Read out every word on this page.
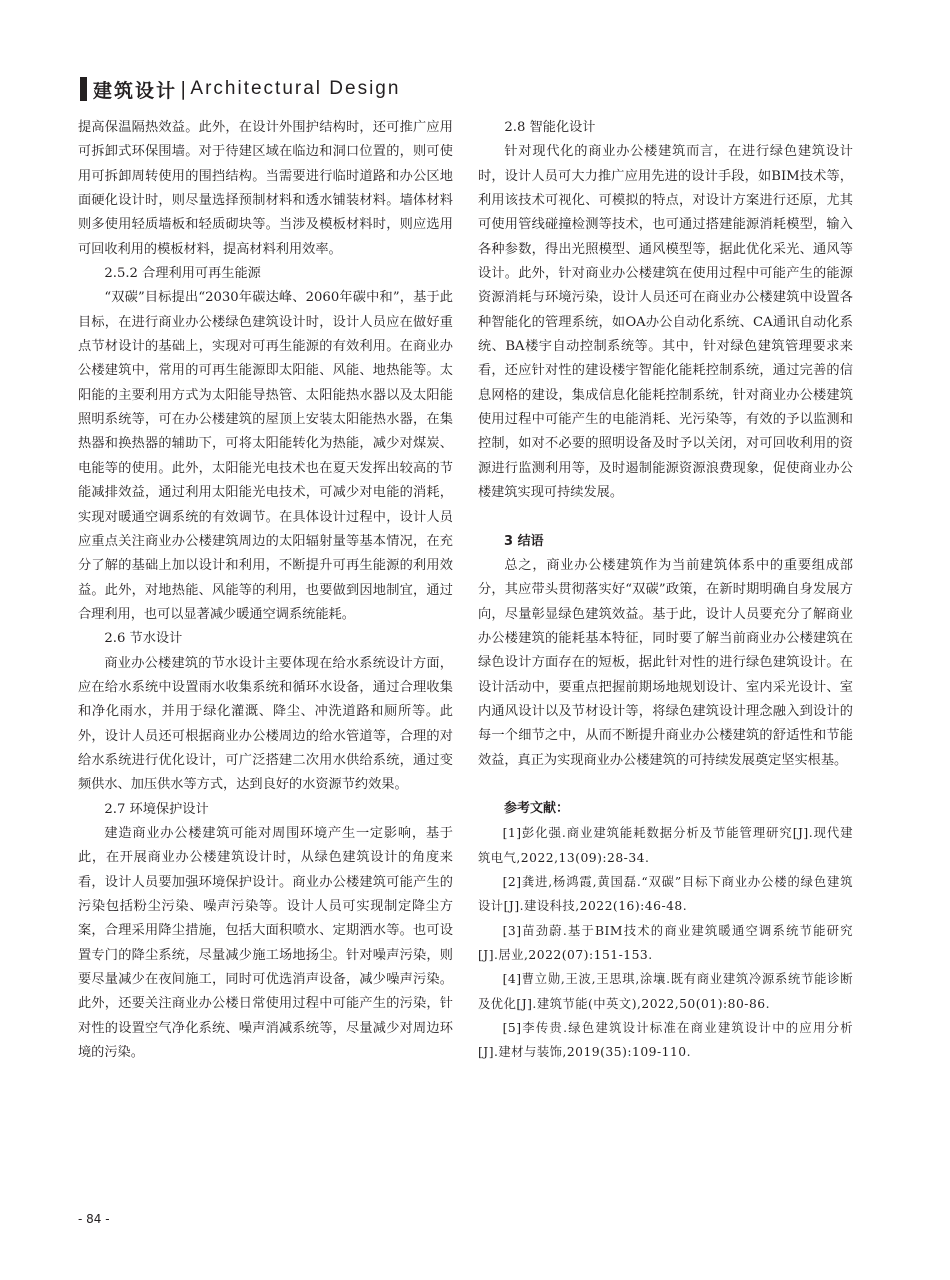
建筑设计 | Architectural Design

提高保温隔热效益。此外，在设计外围护结构时，还可推广应用可拆卸式环保围墙。对于待建区域在临边和洞口位置的，则可使用可拆卸周转使用的围挡结构。当需要进行临时道路和办公区地面硬化设计时，则尽量选择预制材料和透水铺装材料。墙体材料则多使用轻质墙板和轻质砌块等。当涉及模板材料时，则应选用可回收利用的模板材料，提高材料利用效率。

2.5.2 合理利用可再生能源

“双碳”目标提出“2030年碳达峰、2060年碳中和”，基于此目标，在进行商业办公楼绿色建筑设计时，设计人员应在做好重点节材设计的基础上，实现对可再生能源的有效利用。在商业办公楼建筑中，常用的可再生能源即太阳能、风能、地热能等。太阳能的主要利用方式为太阳能导热管、太阳能热水器以及太阳能照明系统等，可在办公楼建筑的屋顶上安装太阳能热水器，在集热器和换热器的辅助下，可将太阳能转化为热能，减少对煤炭、电能等的使用。此外，太阳能光电技术也在夏天发挥出较高的节能减排效益，通过利用太阳能光电技术，可减少对电能的消耗，实现对暖通空调系统的有效调节。在具体设计过程中，设计人员应重点关注商业办公楼建筑周边的太阳辐射量等基本情况，在充分了解的基础上加以设计和利用，不断提升可再生能源的利用效益。此外，对地热能、风能等的利用，也要做到因地制宜，通过合理利用，也可以显著减少暖通空调系统能耗。

2.6 节水设计

商业办公楼建筑的节水设计主要体现在给水系统设计方面，应在给水系统中设置雨水收集系统和循环水设备，通过合理收集和净化雨水，并用于绿化灌溉、降尘、冲洗道路和厕所等。此外，设计人员还可根据商业办公楼周边的给水管道等，合理的对给水系统进行优化设计，可广泛搭建二次用水供给系统，通过变频供水、加压供水等方式，达到良好的水资源节约效果。

2.7 环境保护设计

建造商业办公楼建筑可能对周围环境产生一定影响，基于此，在开展商业办公楼建筑设计时，从绿色建筑设计的角度来看，设计人员要加强环境保护设计。商业办公楼建筑可能产生的污染包括粉尘污染、噪声污染等。设计人员可实现制定降尘方案，合理采用降尘措施，包括大面积喷水、定期洒水等。也可设置专门的降尘系统，尽量减少施工场地扬尘。针对噪声污染，则要尽量减少在夜间施工，同时可优选消声设备，减少噪声污染。此外，还要关注商业办公楼日常使用过程中可能产生的污染，针对性的设置空气净化系统、噪声消减系统等，尽量减少对周边环境的污染。

2.8 智能化设计

针对现代化的商业办公楼建筑而言，在进行绿色建筑设计时，设计人员可大力推广应用先进的设计手段，如BIM技术等，利用该技术可视化、可模拟的特点，对设计方案进行还原，尤其可使用管线碰撞检测等技术，也可通过搭建能源消耗模型，输入各种参数，得出光照模型、通风模型等，据此优化采光、通风等设计。此外，针对商业办公楼建筑在使用过程中可能产生的能源资源消耗与环境污染，设计人员还可在商业办公楼建筑中设置各种智能化的管理系统，如OA办公自动化系统、CA通讯自动化系统、BA楼宇自动控制系统等。其中，针对绿色建筑管理要求来看，还应针对性的建设楼宇智能化能耗控制系统，通过完善的信息网格的建设，集成信息化能耗控制系统，针对商业办公楼建筑使用过程中可能产生的电能消耗、光污染等，有效的予以监测和控制，如对不必要的照明设备及时予以关闭，对可回收利用的资源进行监测利用等，及时遏制能源资源浪费现象，促使商业办公楼建筑实现可持续发展。

3 结语

总之，商业办公楼建筑作为当前建筑体系中的重要组成部分，其应带头贯彻落实好“双碳”政策，在新时期明确自身发展方向，尽量彰显绿色建筑效益。基于此，设计人员要充分了解商业办公楼建筑的能耗基本特征，同时要了解当前商业办公楼建筑在绿色设计方面存在的短板，据此针对性的进行绿色建筑设计。在设计活动中，要重点把握前期场地规划设计、室内采光设计、室内通风设计以及节材设计等，将绿色建筑设计理念融入到设计的每一个细节之中，从而不断提升商业办公楼建筑的舒适性和节能效益，真正为实现商业办公楼建筑的可持续发展奠定坚实根基。

参考文献：

[1]彭化强.商业建筑能耗数据分析及节能管理研究[J].现代建筑电气,2022,13(09):28-34.

[2]龚进,杨鸿霞,黄国磊.“双碳”目标下商业办公楼的绿色建筑设计[J].建设科技,2022(16):46-48.

[3]苗劲蔚.基于BIM技术的商业建筑暖通空调系统节能研究[J].居业,2022(07):151-153.

[4]曹立勋,王波,王思琪,涂壤.既有商业建筑冷源系统节能诊断及优化[J].建筑节能(中英文),2022,50(01):80-86.

[5]李传贵.绿色建筑设计标准在商业建筑设计中的应用分析[J].建材与装饰,2019(35):109-110.

- 84 -
